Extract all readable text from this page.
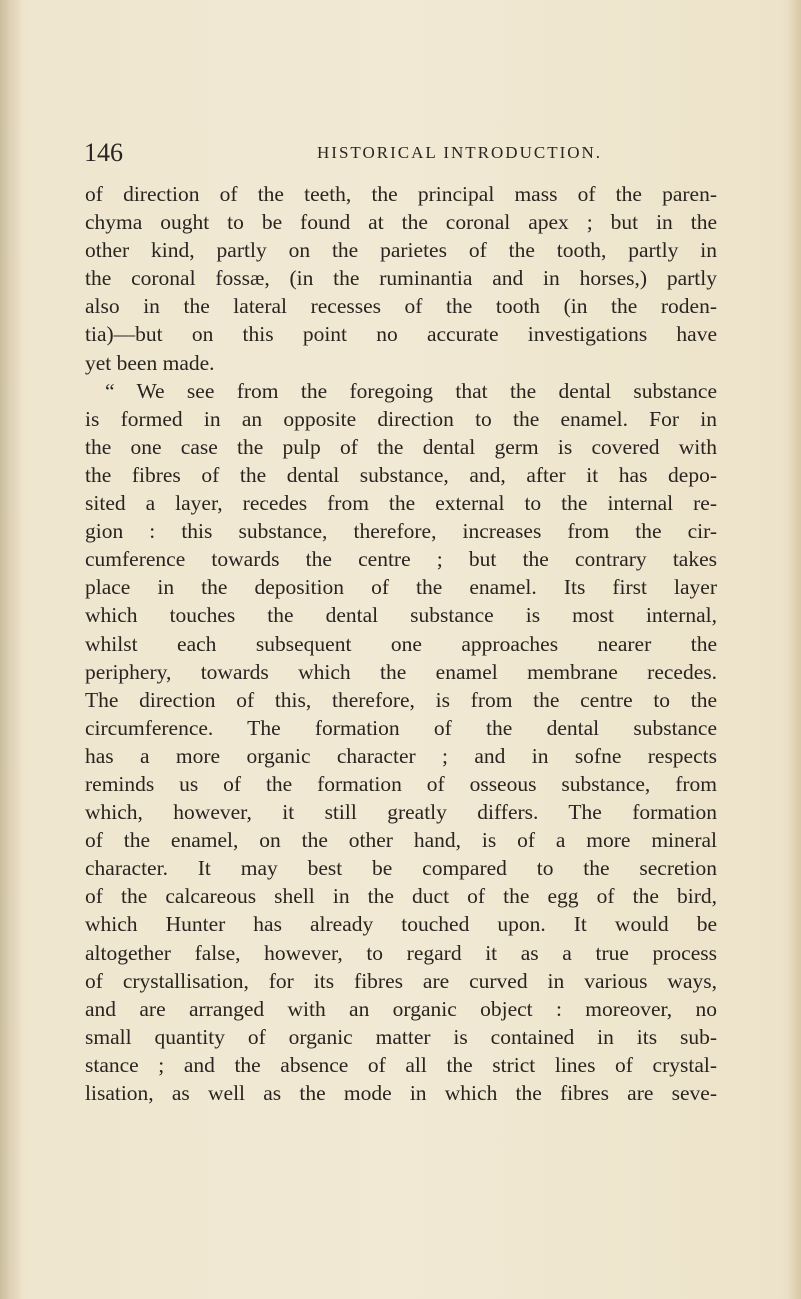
146	HISTORICAL INTRODUCTION.
of direction of the teeth, the principal mass of the paren-
chyma ought to be found at the coronal apex ; but in the
other kind, partly on the parietes of the tooth, partly in
the coronal fossæ, (in the ruminantia and in horses,) partly
also in the lateral recesses of the tooth (in the roden-
tia)—but on this point no accurate investigations have
yet been made.
“ We see from the foregoing that the dental substance
is formed in an opposite direction to the enamel. For in
the one case the pulp of the dental germ is covered with
the fibres of the dental substance, and, after it has depo-
sited a layer, recedes from the external to the internal re-
gion : this substance, therefore, increases from the cir-
cumference towards the centre ; but the contrary takes
place in the deposition of the enamel. Its first layer
which touches the dental substance is most internal,
whilst each subsequent one approaches nearer the
periphery, towards which the enamel membrane recedes.
The direction of this, therefore, is from the centre to the
circumference. The formation of the dental substance
has a more organic character ; and in sofne respects
reminds us of the formation of osseous substance, from
which, however, it still greatly differs. The formation
of the enamel, on the other hand, is of a more mineral
character. It may best be compared to the secretion
of the calcareous shell in the duct of the egg of the bird,
which Hunter has already touched upon. It would be
altogether false, however, to regard it as a true process
of crystallisation, for its fibres are curved in various ways,
and are arranged with an organic object : moreover, no
small quantity of organic matter is contained in its sub-
stance ; and the absence of all the strict lines of crystal-
lisation, as well as the mode in which the fibres are seve-
